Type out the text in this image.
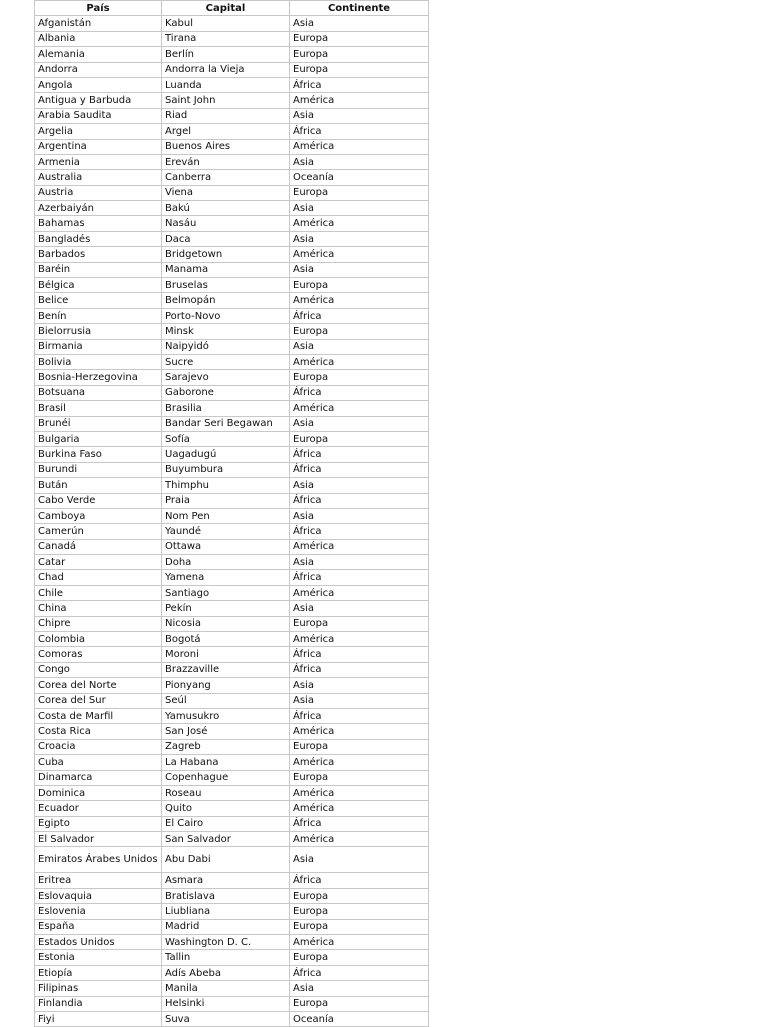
País	Capital	Continente
Afganistán	Kabul	Asia
Albania	Tirana	Europa
Alemania	Berlín	Europa
Andorra	Andorra la Vieja	Europa
Angola	Luanda	África
Antigua y Barbuda	Saint John	América
Arabia Saudita	Riad	Asia
Argelia	Argel	África
Argentina	Buenos Aires	América
Armenia	Ereván	Asia
Australia	Canberra	Oceanía
Austria	Viena	Europa
Azerbaiyán	Bakú	Asia
Bahamas	Nasáu	América
Bangladés	Daca	Asia
Barbados	Bridgetown	América
Baréin	Manama	Asia
Bélgica	Bruselas	Europa
Belice	Belmopán	América
Benín	Porto-Novo	África
Bielorrusia	Minsk	Europa
Birmania	Naipyidó	Asia
Bolivia	Sucre	América
Bosnia-Herzegovina	Sarajevo	Europa
Botsuana	Gaborone	África
Brasil	Brasilia	América
Brunéi	Bandar Seri Begawan	Asia
Bulgaria	Sofía	Europa
Burkina Faso	Uagadugú	África
Burundi	Buyumbura	África
Bután	Thimphu	Asia
Cabo Verde	Praia	África
Camboya	Nom Pen	Asia
Camerún	Yaundé	África
Canadá	Ottawa	América
Catar	Doha	Asia
Chad	Yamena	África
Chile	Santiago	América
China	Pekín	Asia
Chipre	Nicosia	Europa
Colombia	Bogotá	América
Comoras	Moroni	África
Congo	Brazzaville	África
Corea del Norte	Pionyang	Asia
Corea del Sur	Seúl	Asia
Costa de Marfil	Yamusukro	África
Costa Rica	San José	América
Croacia	Zagreb	Europa
Cuba	La Habana	América
Dinamarca	Copenhague	Europa
Dominica	Roseau	América
Ecuador	Quito	América
Egipto	El Cairo	África
El Salvador	San Salvador	América
Emiratos Árabes Unidos	Abu Dabi	Asia
Eritrea	Asmara	África
Eslovaquia	Bratislava	Europa
Eslovenia	Liubliana	Europa
España	Madrid	Europa
Estados Unidos	Washington D. C.	América
Estonia	Tallin	Europa
Etiopía	Adís Abeba	África
Filipinas	Manila	Asia
Finlandia	Helsinki	Europa
Fiyi	Suva	Oceanía
